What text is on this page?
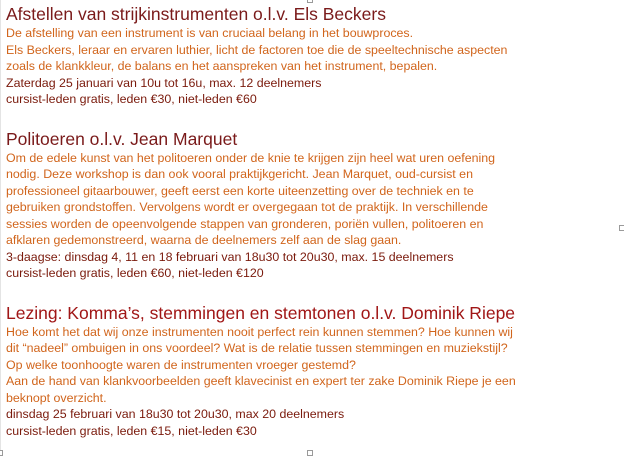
Afstellen van strijkinstrumenten o.l.v. Els Beckers

De afstelling van een instrument is van cruciaal belang in het bouwproces.

Els Beckers, leraar en ervaren luthier, licht de factoren toe die de speeltechnische aspecten

zoals de klankkleur, de balans en het aanspreken van het instrument, bepalen.

Zaterdag 25 januari van 10u tot 16u, max. 12 deelnemers

cursist-leden gratis, leden €30, niet-leden €60

Politoeren o.l.v. Jean Marquet

Om de edele kunst van het politoeren onder de knie te krijgen zijn heel wat uren oefening

nodig. Deze workshop is dan ook vooral praktijkgericht. Jean Marquet, oud-cursist en

professioneel gitaarbouwer, geeft eerst een korte uiteenzetting over de techniek en te

gebruiken grondstoffen. Vervolgens wordt er overgegaan tot de praktijk. In verschillende

sessies worden de opeenvolgende stappen van gronderen, poriën vullen, politoeren en

afklaren gedemonstreerd, waarna de deelnemers zelf aan de slag gaan.

3-daagse: dinsdag 4, 11 en 18 februari van 18u30 tot 20u30, max. 15 deelnemers

cursist-leden gratis, leden €60, niet-leden €120

Lezing: Komma’s, stemmingen en stemtonen o.l.v. Dominik Riepe

Hoe komt het dat wij onze instrumenten nooit perfect rein kunnen stemmen? Hoe kunnen wij

dit “nadeel” ombuigen in ons voordeel? Wat is de relatie tussen stemmingen en muziekstijl?

Op welke toonhoogte waren de instrumenten vroeger gestemd?

Aan de hand van klankvoorbeelden geeft klavecinist en expert ter zake Dominik Riepe je een

beknopt overzicht.

dinsdag 25 februari van 18u30 tot 20u30, max 20 deelnemers

cursist-leden gratis, leden €15, niet-leden €30
